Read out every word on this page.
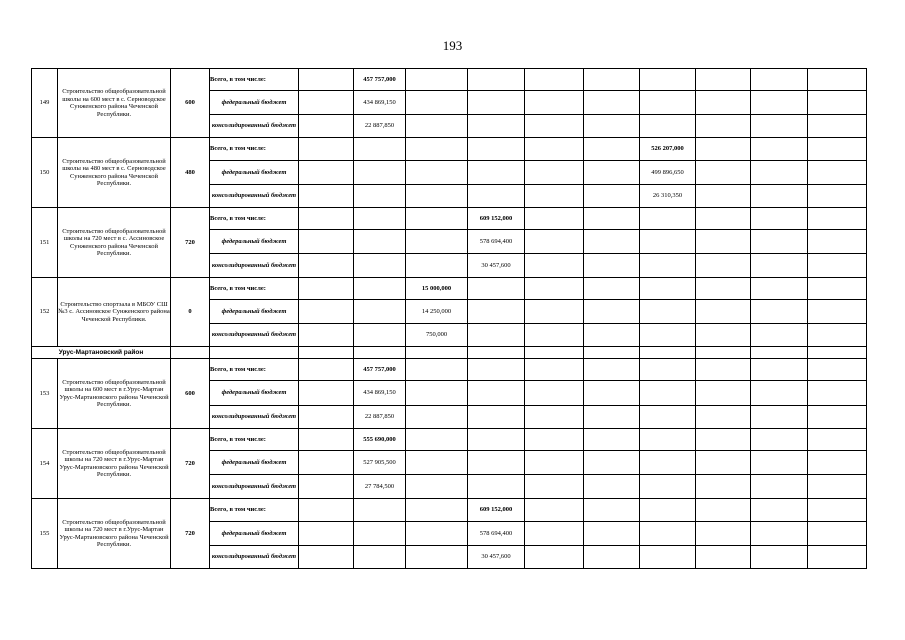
193
149	Строительство общеобразовательной школы на 600 мест в с. Серноводское Сунженского района Чеченской Республики.	600	Всего, в том числе:		457 757,000								
			федеральный бюджет		434 869,150								
			консолидированный бюджет		22 887,850								
150	Строительство общеобразовательной школы на 480 мест в с. Серноводское Сунженского района Чеченской Республики.	480	Всего, в том числе:							526 207,000			
			федеральный бюджет							499 896,650			
			консолидированный бюджет							26 310,350			
151	Строительство общеобразовательной школы на 720 мест в с. Ассиновское Сунженского района Чеченской Республики.	720	Всего, в том числе:				609 152,000						
			федеральный бюджет				578 694,400						
			консолидированный бюджет				30 457,600						
152	Строительство спортзала в МБОУ СШ №3 с. Ассиновское Сунженского района Чеченской Республики.	0	Всего, в том числе:			15 000,000							
			федеральный бюджет			14 250,000							
			консолидированный бюджет			750,000							
Урус-Мартановский район													
153	Строительство общеобразовательной школы на 600 мест в г.Урус-Мартан Урус-Мартановского района Чеченской Республики.	600	Всего, в том числе:		457 757,000								
			федеральный бюджет		434 869,150								
			консолидированный бюджет		22 887,850								
154	Строительство общеобразовательной школы на 720 мест в г.Урус-Мартан Урус-Мартановского района Чеченской Республики.	720	Всего, в том числе:		555 690,000								
			федеральный бюджет		527 905,500								
			консолидированный бюджет		27 784,500								
155	Строительство общеобразовательной школы на 720 мест в г.Урус-Мартан Урус-Мартановского района Чеченской Республики.	720	Всего, в том числе:				609 152,000						
			федеральный бюджет				578 694,400						
			консолидированный бюджет				30 457,600						
